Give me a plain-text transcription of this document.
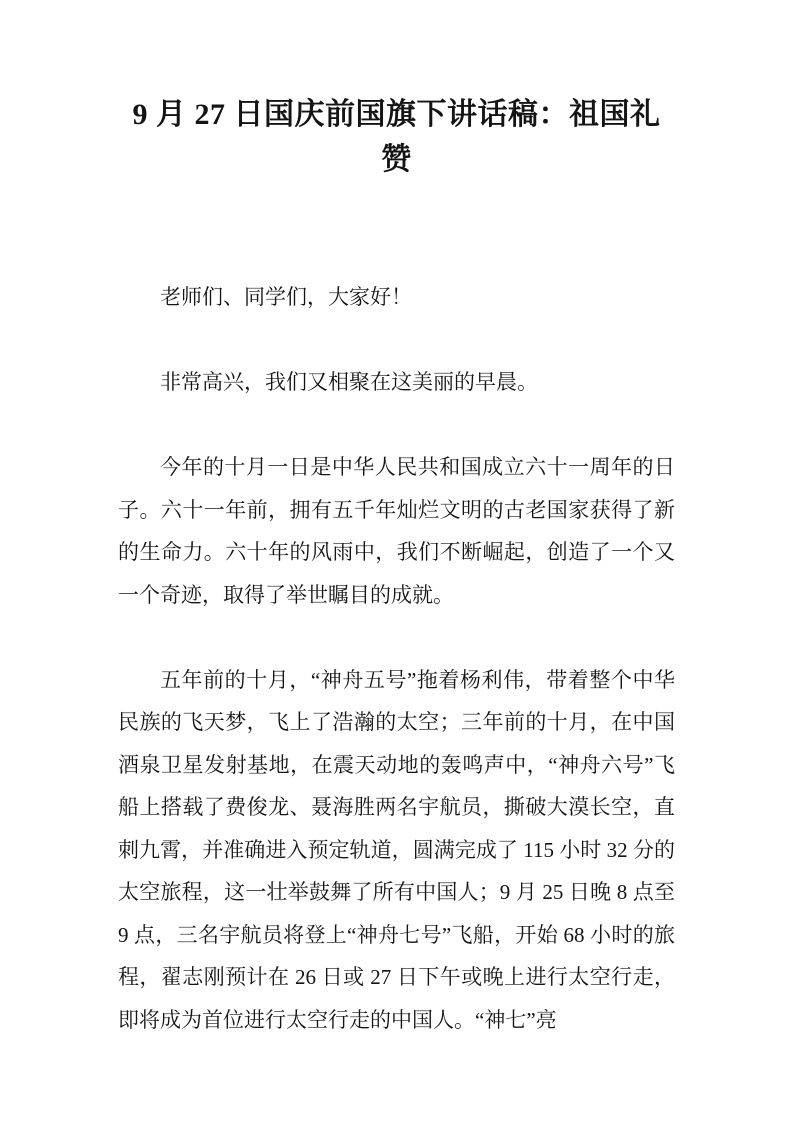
9 月 27 日国庆前国旗下讲话稿：祖国礼赞

老师们、同学们，大家好！

非常高兴，我们又相聚在这美丽的早晨。

今年的十月一日是中华人民共和国成立六十一周年的日子。六十一年前，拥有五千年灿烂文明的古老国家获得了新的生命力。六十年的风雨中，我们不断崛起，创造了一个又一个奇迹，取得了举世瞩目的成就。

五年前的十月，“神舟五号”拖着杨利伟，带着整个中华民族的飞天梦，飞上了浩瀚的太空；三年前的十月，在中国酒泉卫星发射基地，在震天动地的轰鸣声中，“神舟六号”飞船上搭载了费俊龙、聂海胜两名宇航员，撕破大漠长空，直刺九霄，并准确进入预定轨道，圆满完成了 115 小时 32 分的太空旅程，这一壮举鼓舞了所有中国人；9 月 25 日晚 8 点至 9 点，三名宇航员将登上“神舟七号”飞船，开始 68 小时的旅程，翟志刚预计在 26 日或 27 日下午或晚上进行太空行走，即将成为首位进行太空行走的中国人。“神七”亮
